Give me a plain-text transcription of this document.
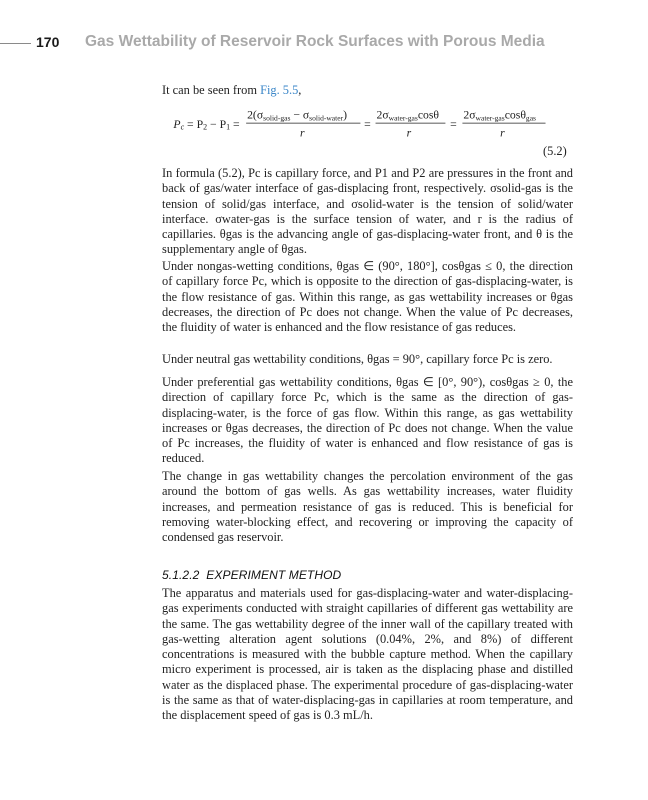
170 Gas Wettability of Reservoir Rock Surfaces with Porous Media
It can be seen from Fig. 5.5,
Pc = P2 − P1 =
2(σsolid-gas − σsolid-water)
r
=
2σwater-gascosθ
r
=
2σwater-gascosθgas
r
(5.2)

In formula (5.2), Pc is capillary force, and P1 and P2 are pressures in the front and back of gas/water interface of gas-displacing front, respectively. σsolid-gas is the tension of solid/gas interface, and σsolid-water is the tension of solid/water interface. σwater-gas is the surface tension of water, and r is the radius of capillaries. θgas is the advancing angle of gas-displacing-water front, and θ is the supplementary angle of θgas.

Under nongas-wetting conditions, θgas ∈ (90°, 180°], cosθgas ≤ 0, the direction of capillary force Pc, which is opposite to the direction of gas-displacing-water, is the flow resistance of gas. Within this range, as gas wettability increases or θgas decreases, the direction of Pc does not change. When the value of Pc decreases, the fluidity of water is enhanced and the flow resistance of gas reduces.

Under neutral gas wettability conditions, θgas = 90°, capillary force Pc is zero.

Under preferential gas wettability conditions, θgas ∈ [0°, 90°), cosθgas ≥ 0, the direction of capillary force Pc, which is the same as the direction of gas-displacing-water, is the force of gas flow. Within this range, as gas wettability increases or θgas decreases, the direction of Pc does not change. When the value of Pc increases, the fluidity of water is enhanced and flow resistance of gas is reduced.

The change in gas wettability changes the percolation environment of the gas around the bottom of gas wells. As gas wettability increases, water fluidity increases, and permeation resistance of gas is reduced. This is beneficial for removing water-blocking effect, and recovering or improving the capacity of condensed gas reservoir.

5.1.2.2 EXPERIMENT METHOD

The apparatus and materials used for gas-displacing-water and water-displacing-gas experiments conducted with straight capillaries of different gas wettability are the same. The gas wettability degree of the inner wall of the capillary treated with gas-wetting alteration agent solutions (0.04%, 2%, and 8%) of different concentrations is measured with the bubble capture method. When the capillary micro experiment is processed, air is taken as the displacing phase and distilled water as the displaced phase. The experimental procedure of gas-displacing-water is the same as that of water-displacing-gas in capillaries at room temperature, and the displacement speed of gas is 0.3 mL/h.
